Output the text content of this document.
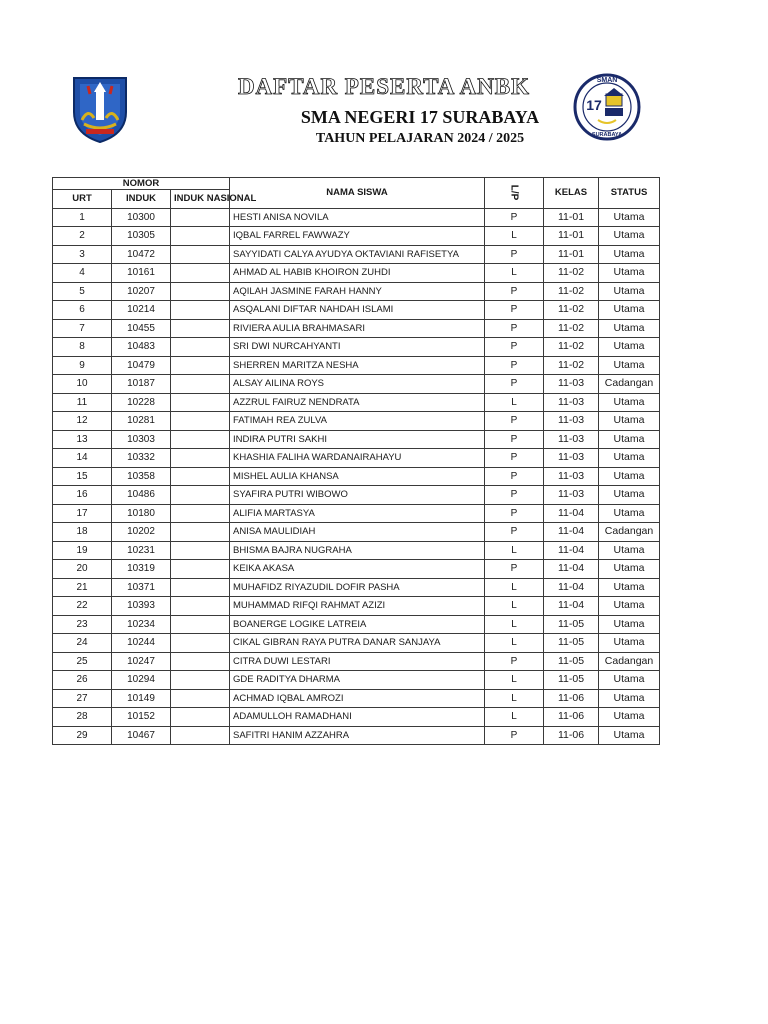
DAFTAR PESERTA ANBK
SMA NEGERI 17 SURABAYA
TAHUN PELAJARAN 2024 / 2025
SMAN
17
SURABAYA
NOMOR			NAMA SISWA	L/P	KELAS	STATUS
URT	INDUK	INDUK NASIONAL				
1	10300		HESTI ANISA NOVILA	P	11-01	Utama
2	10305		IQBAL FARREL FAWWAZY	L	11-01	Utama
3	10472		SAYYIDATI CALYA AYUDYA OKTAVIANI RAFISETYA	P	11-01	Utama
4	10161		AHMAD AL HABIB KHOIRON ZUHDI	L	11-02	Utama
5	10207		AQILAH JASMINE FARAH HANNY	P	11-02	Utama
6	10214		ASQALANI DIFTAR NAHDAH ISLAMI	P	11-02	Utama
7	10455		RIVIERA AULIA BRAHMASARI	P	11-02	Utama
8	10483		SRI DWI NURCAHYANTI	P	11-02	Utama
9	10479		SHERREN MARITZA NESHA	P	11-02	Utama
10	10187		ALSAY AILINA ROYS	P	11-03	Cadangan
11	10228		AZZRUL FAIRUZ NENDRATA	L	11-03	Utama
12	10281		FATIMAH REA ZULVA	P	11-03	Utama
13	10303		INDIRA PUTRI SAKHI	P	11-03	Utama
14	10332		KHASHIA FALIHA WARDANAIRAHAYU	P	11-03	Utama
15	10358		MISHEL AULIA KHANSA	P	11-03	Utama
16	10486		SYAFIRA PUTRI WIBOWO	P	11-03	Utama
17	10180		ALIFIA MARTASYA	P	11-04	Utama
18	10202		ANISA MAULIDIAH	P	11-04	Cadangan
19	10231		BHISMA BAJRA NUGRAHA	L	11-04	Utama
20	10319		KEIKA AKASA	P	11-04	Utama
21	10371		MUHAFIDZ RIYAZUDIL DOFIR PASHA	L	11-04	Utama
22	10393		MUHAMMAD RIFQI RAHMAT AZIZI	L	11-04	Utama
23	10234		BOANERGE LOGIKE LATREIA	L	11-05	Utama
24	10244		CIKAL GIBRAN RAYA PUTRA DANAR SANJAYA	L	11-05	Utama
25	10247		CITRA DUWI LESTARI	P	11-05	Cadangan
26	10294		GDE RADITYA DHARMA	L	11-05	Utama
27	10149		ACHMAD IQBAL AMROZI	L	11-06	Utama
28	10152		ADAMULLOH RAMADHANI	L	11-06	Utama
29	10467		SAFITRI HANIM AZZAHRA	P	11-06	Utama
